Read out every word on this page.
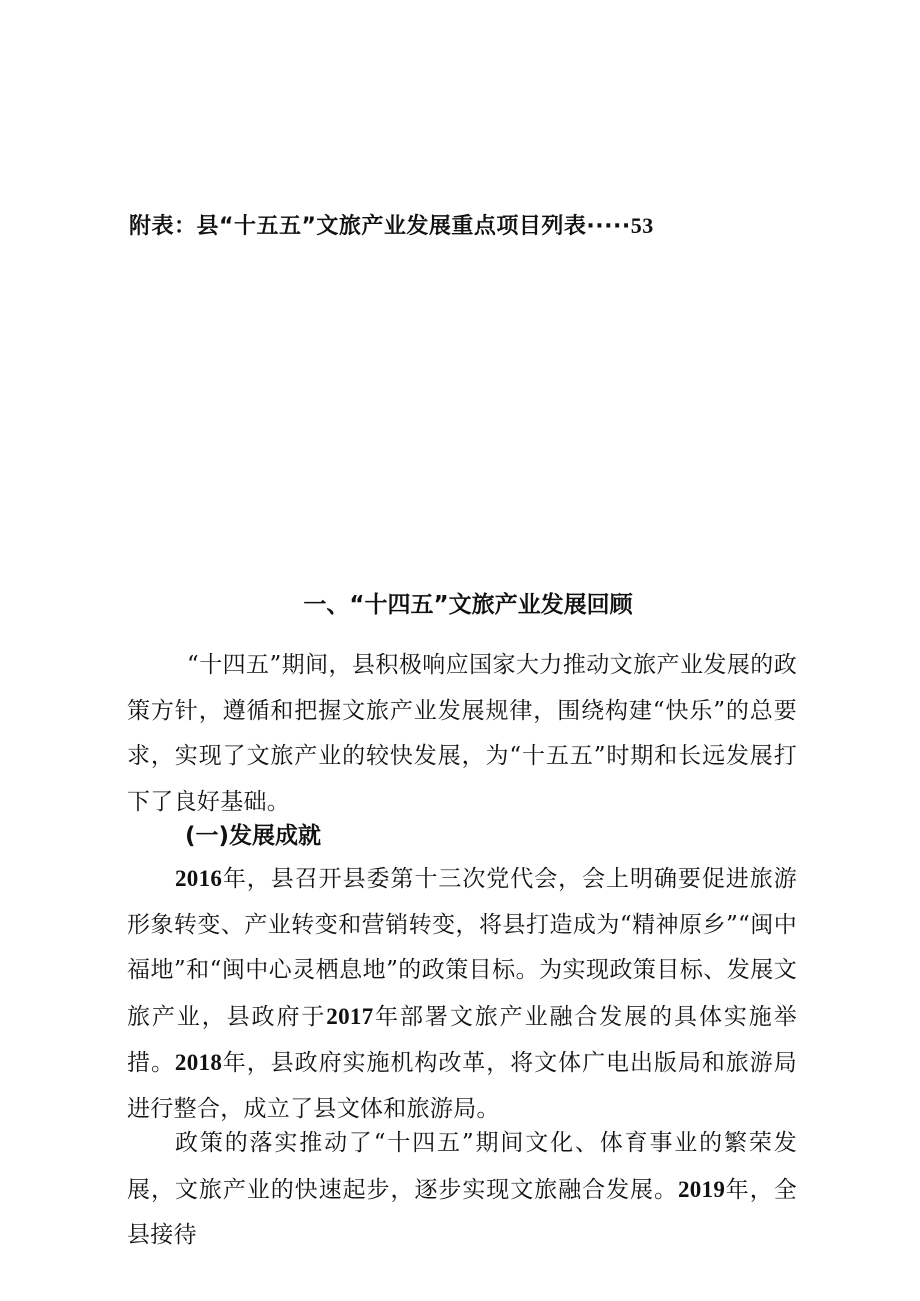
附表：县“十五五”文旅产业发展重点项目列表·····53
一、“十四五”文旅产业发展回顾
“十四五”期间，县积极响应国家大力推动文旅产业发展的政策方针，遵循和把握文旅产业发展规律，围绕构建“快乐”的总要求，实现了文旅产业的较快发展，为“十五五”时期和长远发展打下了良好基础。
(一)发展成就
2016年，县召开县委第十三次党代会，会上明确要促进旅游形象转变、产业转变和营销转变，将县打造成为“精神原乡”“闽中福地”和“闽中心灵栖息地”的政策目标。为实现政策目标、发展文旅产业，县政府于2017年部署文旅产业融合发展的具体实施举措。2018年，县政府实施机构改革，将文体广电出版局和旅游局进行整合，成立了县文体和旅游局。
政策的落实推动了“十四五”期间文化、体育事业的繁荣发展，文旅产业的快速起步，逐步实现文旅融合发展。2019年，全县接待
